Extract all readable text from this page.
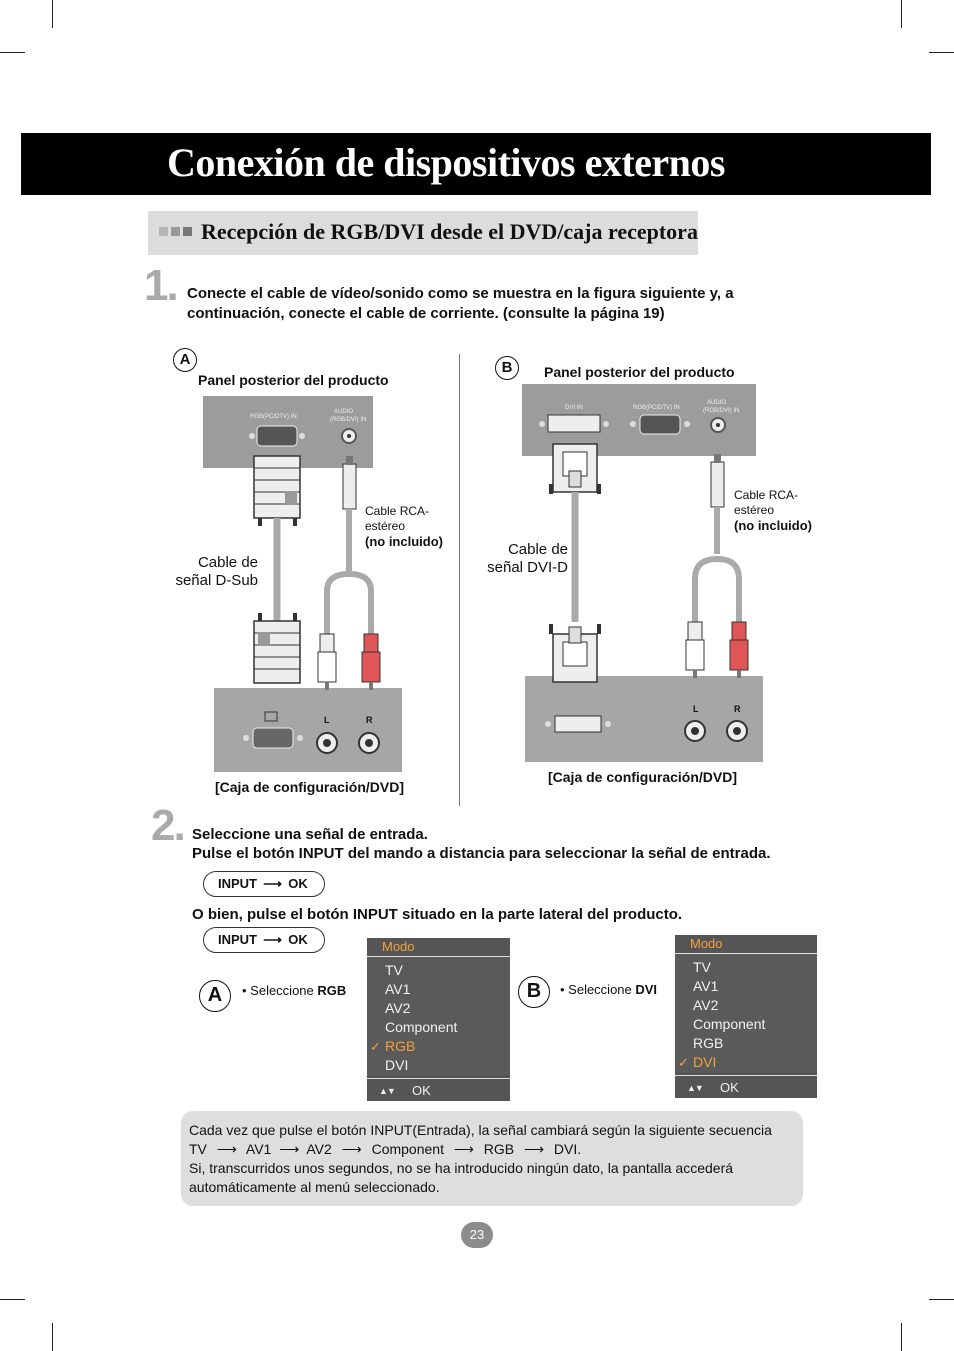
Conexión de dispositivos externos
Recepción de RGB/DVI desde el DVD/caja receptora
1. Conecte el cable de vídeo/sonido como se muestra en la figura siguiente y, a
continuación, conecte el cable de corriente. (consulte la página 19)
A
Panel posterior del producto
RGB(PC/DTV) IN
AUDIO
(RGB/DVI) IN
Cable de
señal D-Sub
Cable RCA-
estéreo
(no incluido)
L	R
[Caja de configuración/DVD]
B	Panel posterior del producto
DVI IN	RGB(PC/DTV) IN
AUDIO
(RGB/DVI) IN
Cable de
señal DVI-D
Cable RCA-
estéreo
(no incluido)
L	R
[Caja de configuración/DVD]
2. Seleccione una señal de entrada.
Pulse el botón INPUT del mando a distancia para seleccionar la señal de entrada.
INPUT ⟶ OK
O bien, pulse el botón INPUT situado en la parte lateral del producto.
INPUT ⟶ OK
A	• Seleccione RGB
Modo
TV
AV1
AV2
Component
✓ RGB
DVI
▲▼ OK
B	• Seleccione DVI
Modo
TV
AV1
AV2
Component
RGB
✓ DVI
▲▼ OK
Cada vez que pulse el botón INPUT(Entrada), la señal cambiará según la siguiente secuencia
TV ⟶ AV1 ⟶ AV2 ⟶ Component ⟶ RGB ⟶ DVI.
Si, transcurridos unos segundos, no se ha introducido ningún dato, la pantalla accederá
automáticamente al menú seleccionado.
23
